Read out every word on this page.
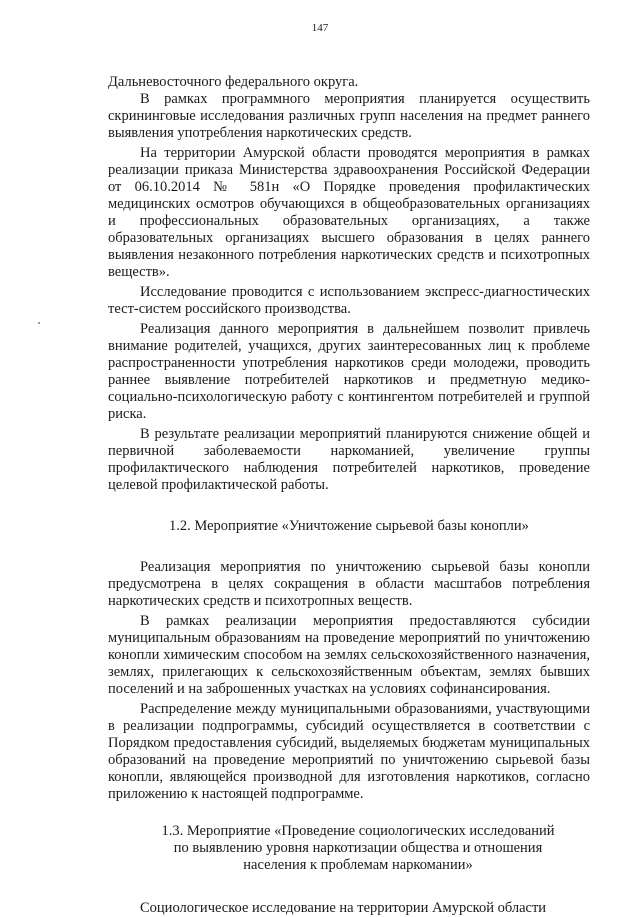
147

Дальневосточного федерального округа.

В рамках программного мероприятия планируется осуществить скрининговые исследования различных групп населения на предмет раннего выявления употребления наркотических средств.

На территории Амурской области проводятся мероприятия в рамках реализации приказа Министерства здравоохранения Российской Федерации от 06.10.2014 № 581н «О Порядке проведения профилактических медицинских осмотров обучающихся в общеобразовательных организациях и профессиональных образовательных организациях, а также образовательных организациях высшего образования в целях раннего выявления незаконного потребления наркотических средств и психотропных веществ».

Исследование проводится с использованием экспресс-диагностических тест-систем российского производства.

Реализация данного мероприятия в дальнейшем позволит привлечь внимание родителей, учащихся, других заинтересованных лиц к проблеме распространенности употребления наркотиков среди молодежи, проводить раннее выявление потребителей наркотиков и предметную медико-социально-психологическую работу с контингентом потребителей и группой риска.

В результате реализации мероприятий планируются снижение общей и первичной заболеваемости наркоманией, увеличение группы профилактического наблюдения потребителей наркотиков, проведение целевой профилактической работы.

1.2. Мероприятие «Уничтожение сырьевой базы конопли»

Реализация мероприятия по уничтожению сырьевой базы конопли предусмотрена в целях сокращения в области масштабов потребления наркотических средств и психотропных веществ.

В рамках реализации мероприятия предоставляются субсидии муниципальным образованиям на проведение мероприятий по уничтожению конопли химическим способом на землях сельскохозяйственного назначения, землях, прилегающих к сельскохозяйственным объектам, землях бывших поселений и на заброшенных участках на условиях софинансирования.

Распределение между муниципальными образованиями, участвующими в реализации подпрограммы, субсидий осуществляется в соответствии с Порядком предоставления субсидий, выделяемых бюджетам муниципальных образований на проведение мероприятий по уничтожению сырьевой базы конопли, являющейся производной для изготовления наркотиков, согласно приложению к настоящей подпрограмме.

1.3. Мероприятие «Проведение социологических исследований
по выявлению уровня наркотизации общества и отношения
населения к проблемам наркомании»

Социологическое исследование на территории Амурской области
